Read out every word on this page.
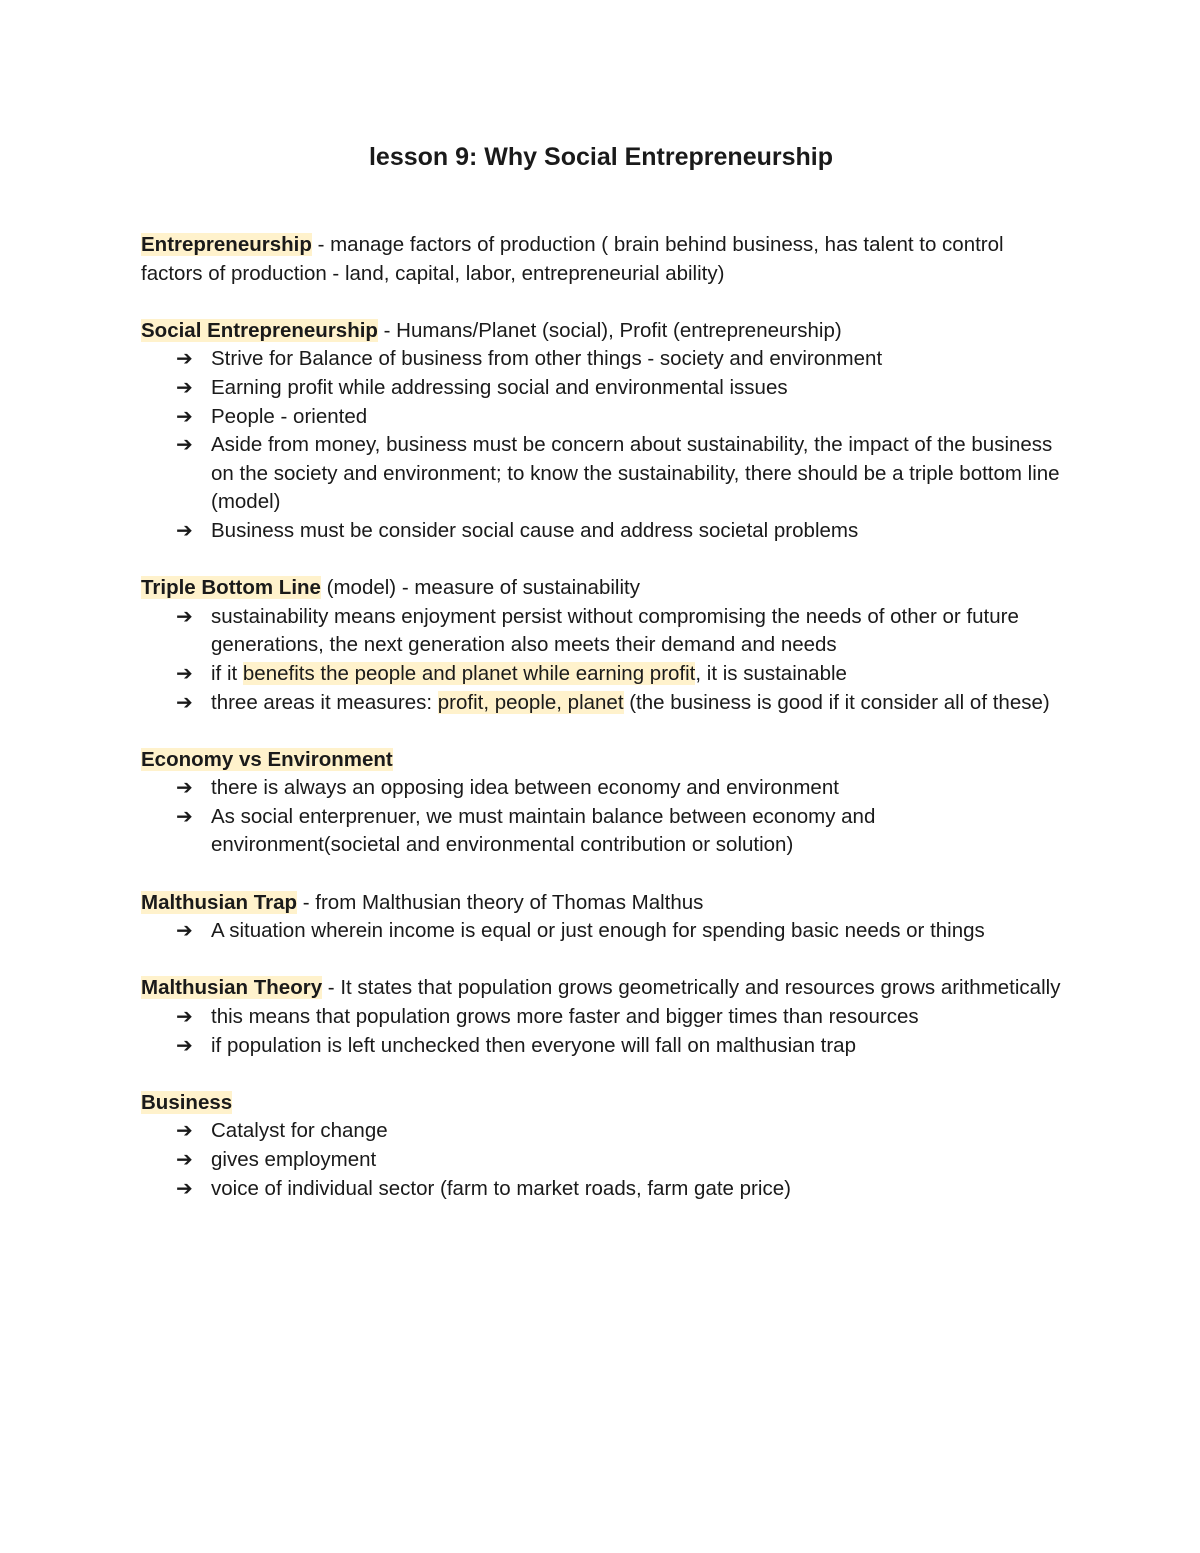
lesson 9: Why Social Entrepreneurship

Entrepreneurship - manage factors of production ( brain behind business, has talent to control factors of production - land, capital, labor, entrepreneurial ability)

Social Entrepreneurship - Humans/Planet (social), Profit (entrepreneurship)

➔ Strive for Balance of business from other things - society and environment
➔ Earning profit while addressing social and environmental issues
➔ People - oriented
➔ Aside from money, business must be concern about sustainability, the impact of the business on the society and environment; to know the sustainability, there should be a triple bottom line (model)
➔ Business must be consider social cause and address societal problems

Triple Bottom Line (model) - measure of sustainability

➔ sustainability means enjoyment persist without compromising the needs of other or future generations, the next generation also meets their demand and needs
➔ if it benefits the people and planet while earning profit, it is sustainable
➔ three areas it measures: profit, people, planet (the business is good if it consider all of these)

Economy vs Environment

➔ there is always an opposing idea between economy and environment
➔ As social enterprenuer, we must maintain balance between economy and environment(societal and environmental contribution or solution)

Malthusian Trap - from Malthusian theory of Thomas Malthus

➔ A situation wherein income is equal or just enough for spending basic needs or things

Malthusian Theory - It states that population grows geometrically and resources grows arithmetically

➔ this means that population grows more faster and bigger times than resources
➔ if population is left unchecked then everyone will fall on malthusian trap

Business

➔ Catalyst for change
➔ gives employment
➔ voice of individual sector (farm to market roads, farm gate price)
